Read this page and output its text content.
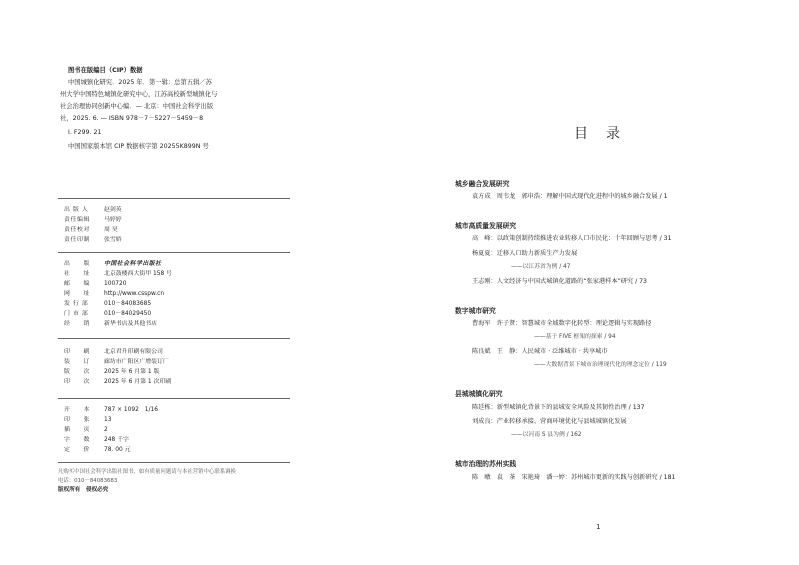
图书在版编目（CIP）数据
中国城镇化研究．2025 年．第一辑：总第五辑／苏
州大学中国特色城镇化研究中心，江苏高校新型城镇化与
社会治理协同创新中心编．— 北京：中国社会科学出版
社，2025. 6. — ISBN 978－7－5227－5459－8
Ⅰ. F299. 21
中国国家版本馆 CIP 数据核字第 20255K899N 号
出 版 人	赵剑英
责任编辑 马婷婷
责任校对 周 昊
责任印制 张雪娇
出　　版 中国社会科学出版社
社　　址 北京鼓楼西大街甲 158 号
邮　　编 100720
网　　址 http://www.csspw.cn
发 行 部	010－84083685
门 市 部	010－84029450
经　　销 新华书店及其他书店
印　　刷 北京君升印刷有限公司
装　　订 廊坊市广阳区广增装订厂
版　　次 2025 年 6 月第 1 版
印　　次 2025 年 6 月第 1 次印刷
开　　本 787 × 1092　1/16
印　　张 13
插　　页 2
字　　数 248 千字
定　　价 78. 00 元
凡购买中国社会科学出版社图书，如有质量问题请与本社营销中心联系调换
电话：010－84083683
版权所有　侵权必究
目　录
城乡融合发展研究
袁方成　周韦龙　郭申浩：理解中国式现代化进程中的城乡融合发展 / 1
城市高质量发展研究
高　峰：以政策创制持续推进农业转移人口市民化：十年回顾与思考 / 31
杨夏夏：迁移人口助力新质生产力发展
——以江苏省为例 / 47
王志刚：人文经济与中国式城镇化道路的“张家港样本”研究 / 73
数字城市研究
曹海军　许子贤：智慧城市全域数字化转型：理论逻辑与实现路径
——基于 FIVE 框架的探索 / 94
陈良斌　王　静：人民城市 · 泛维城市 · 共享城市
——大数据背景下城市治理现代化的理念定位 / 119
县城城镇化研究
陈廷栋：新型城镇化背景下的县城安全风险及其韧性治理 / 137
刘成良：产业转移承接、营商环境优化与县城城镇化发展
——以河南 S 县为例 / 162
城市治理的苏州实践
陈　暾　袁　茶　宋艳琦　潘一婷：苏州城市更新的实践与创新研究 / 181
1
